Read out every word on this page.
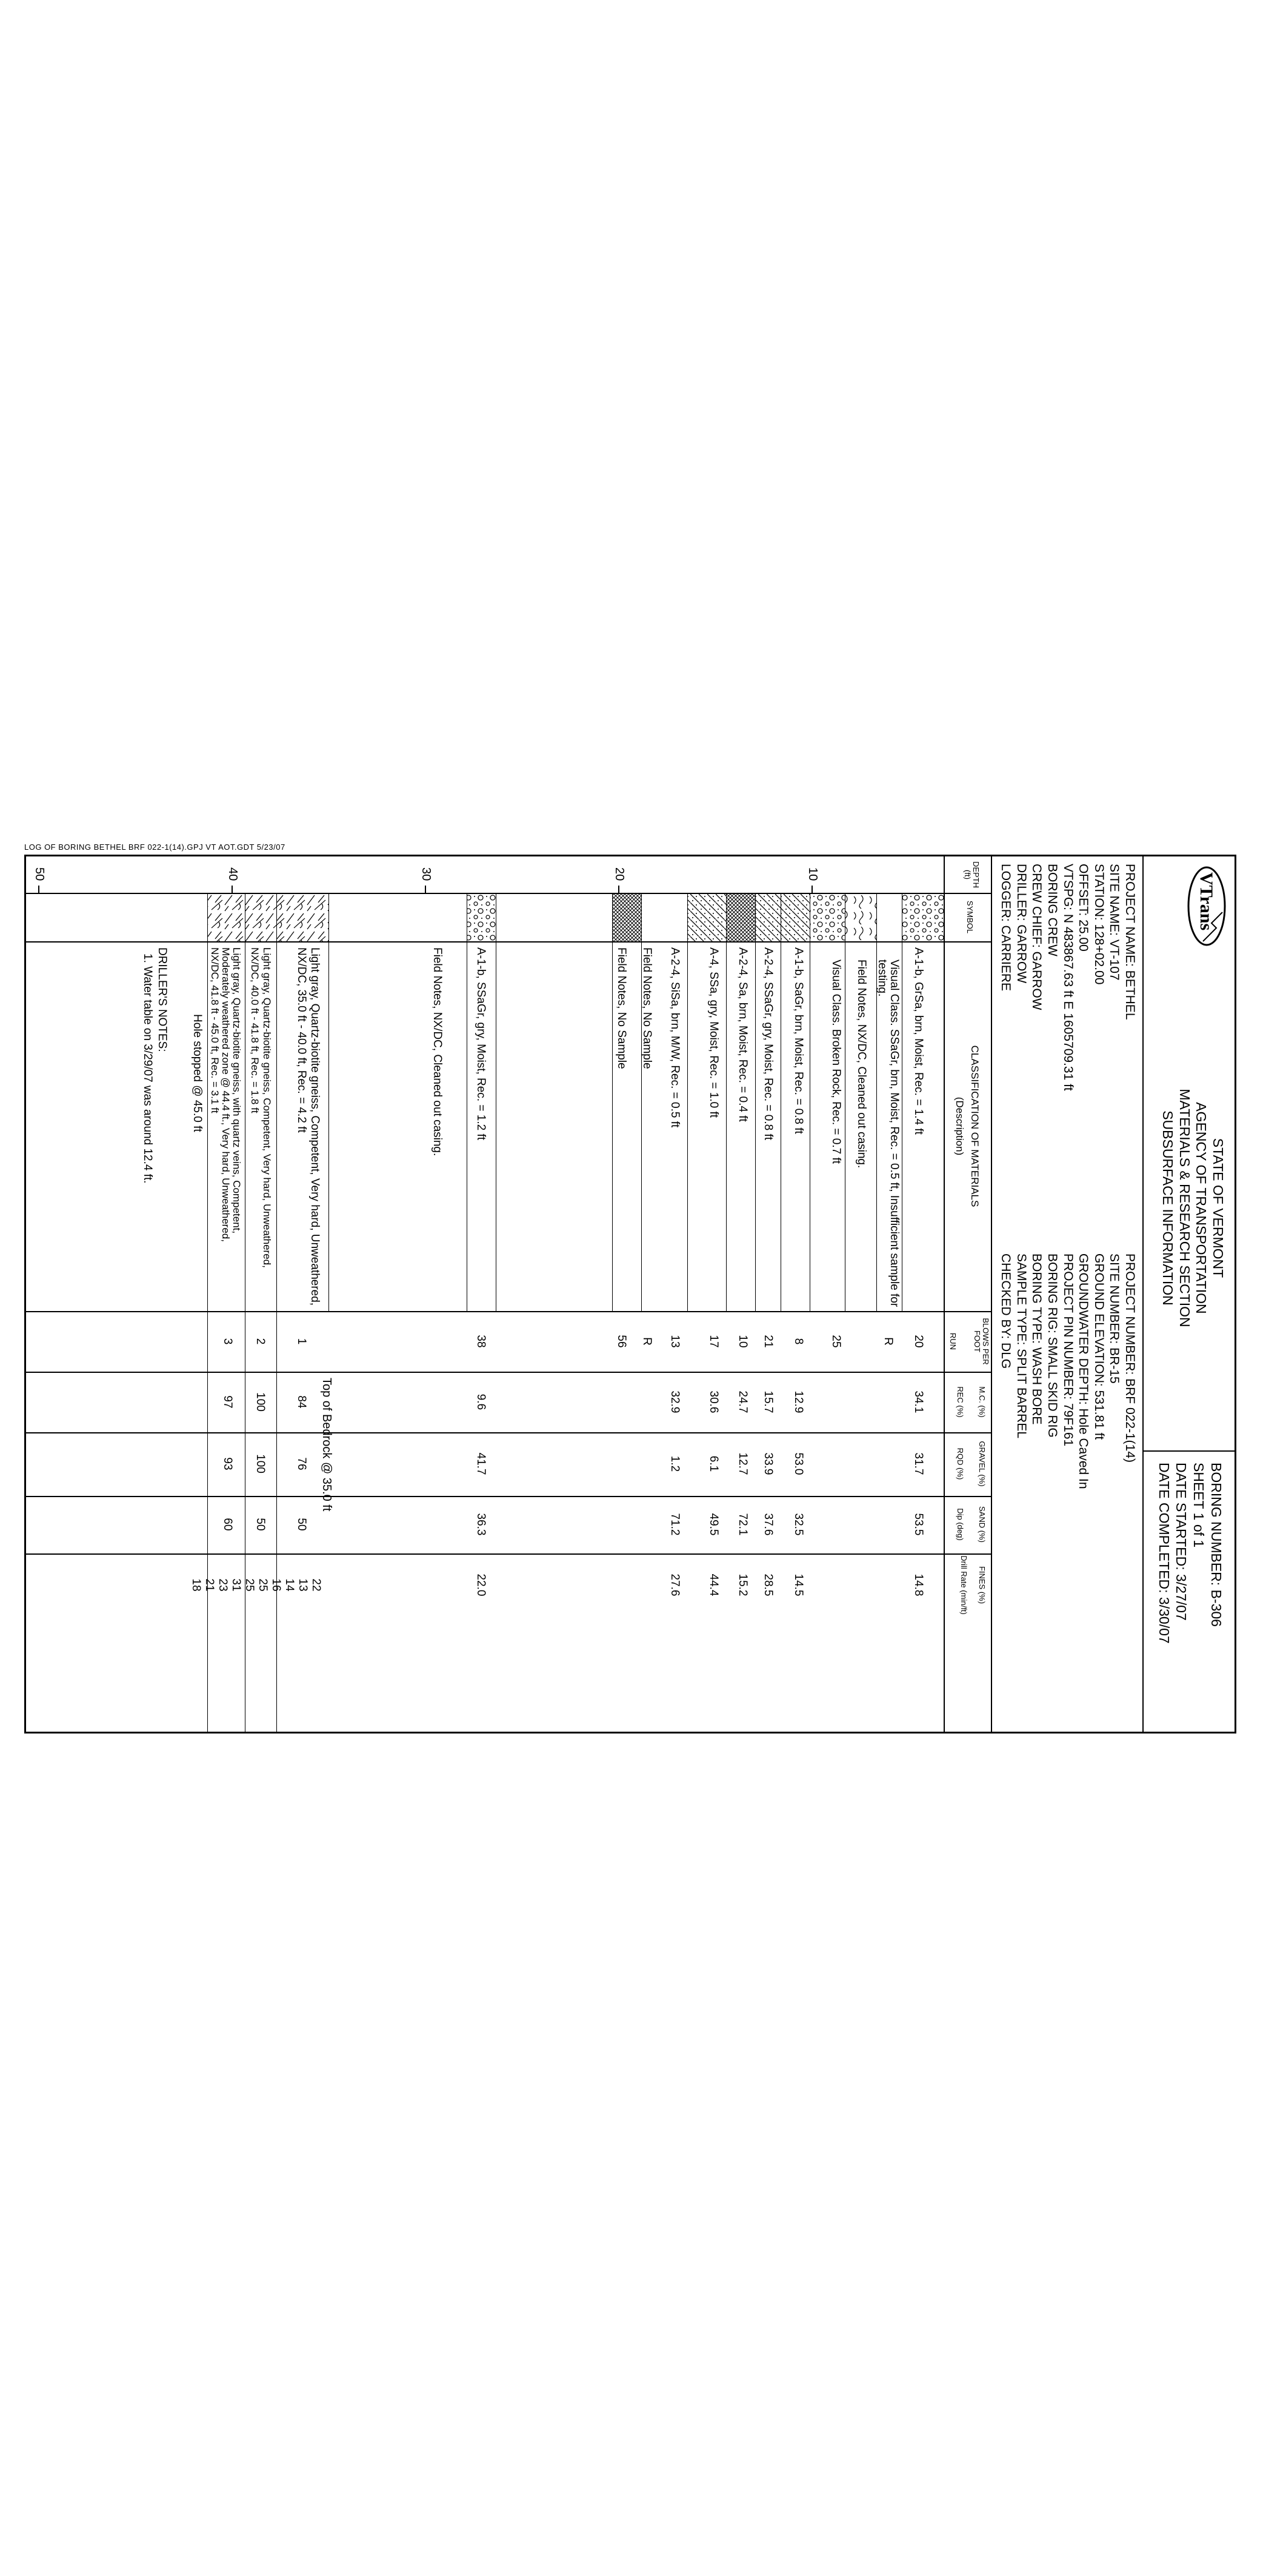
LOG OF BORING BETHEL BRF 022-1(14).GPJ VT AOT.GDT 5/23/07
VTrans
STATE OF VERMONT
AGENCY OF TRANSPORTATION
MATERIALS & RESEARCH SECTION
SUBSURFACE INFORMATION
BORING NUMBER: B-306
SHEET 1 of 1
DATE STARTED: 3/27/07
DATE COMPLETED: 3/30/07
PROJECT NAME: BETHEL
SITE NAME: VT-107
STATION: 128+02.00
OFFSET: 25.00
VTSPG: N 483867.63 ft E 1605709.31 ft
BORING CREW
CREW CHIEF: GARROW
DRILLER: GARROW
LOGGER: CARRIERE
PROJECT NUMBER: BRF 022-1(14)
SITE NUMBER: BR-15
GROUND ELEVATION: 531.81 ft
GROUNDWATER DEPTH: Hole Caved In
PROJECT PIN NUMBER: 79F161
BORING RIG: SMALL SKID RIG
BORING TYPE: WASH BORE
SAMPLE TYPE: SPLIT BARREL
CHECKED BY: DLG
DEPTH (ft)
SYMBOL
CLASSIFICATION OF MATERIALS
(Description)
BLOWS PER FOOT
RUN
M.C. (%)
REC (%)
GRAVEL (%)
RQD (%)
SAND (%)
Dip (deg)
FINES (%)
Drill Rate (min/ft)
10
20
30
40
50
A-1-b, GrSa, brn, Moist, Rec. = 1.4 ft
Visual Class. SSaGr, brn, Moist, Rec. = 0.5 ft, Insufficient sample for
testing.
Field Notes, NX/DC, Cleaned out casing.
Visual Class. Broken Rock, Rec. = 0.7 ft
A-1-b, SaGr, brn, Moist, Rec. = 0.8 ft
A-2-4, SSaGr, gry, Moist, Rec. = 0.8 ft
A-2-4, Sa, brn, Moist, Rec. = 0.4 ft
A-4, SSa, gry, Moist, Rec. = 1.0 ft
A-2-4, SiSa, brn, M/W, Rec. = 0.5 ft
Field Notes, No Sample
Field Notes, No Sample
A-1-b, SSaGr, gry, Moist, Rec. = 1.2 ft
Field Notes, NX/DC, Cleaned out casing.
Light gray, Quartz-biotite gneiss, Competent, Very hard, Unweathered,
NX/DC, 35.0 ft - 40.0 ft, Rec. = 4.2 ft
Light gray, Quartz-biotite gneiss, Competent, Very hard, Unweathered,
NX/DC, 40.0 ft - 41.8 ft, Rec. = 1.8 ft
Light gray, Quartz-biotite gneiss, with quartz veins, Competent,
Moderately weathered zone @ 44.4 ft., Very hard, Unweathered,
NX/DC, 41.8 ft - 45.0 ft, Rec. = 3.1 ft
Hole stopped @ 45.0 ft
DRILLER'S NOTES:
1. Water table on 3/29/07 was around 12.4 ft.
Top of Bedrock @ 35.0 ft
20
R
25
8
21
10
17
13
R
56
38
1
2
3
34.1
12.9
15.7
24.7
30.6
32.9
9.6
84
100
97
31.7
53.0
33.9
12.7
6.1
1.2
41.7
76
100
93
53.5
32.5
37.6
72.1
49.5
71.2
36.3
50
50
60
14.8
14.5
28.5
15.2
44.4
27.6
22.0
22
13
14
16
25
25
31
23
21
18
